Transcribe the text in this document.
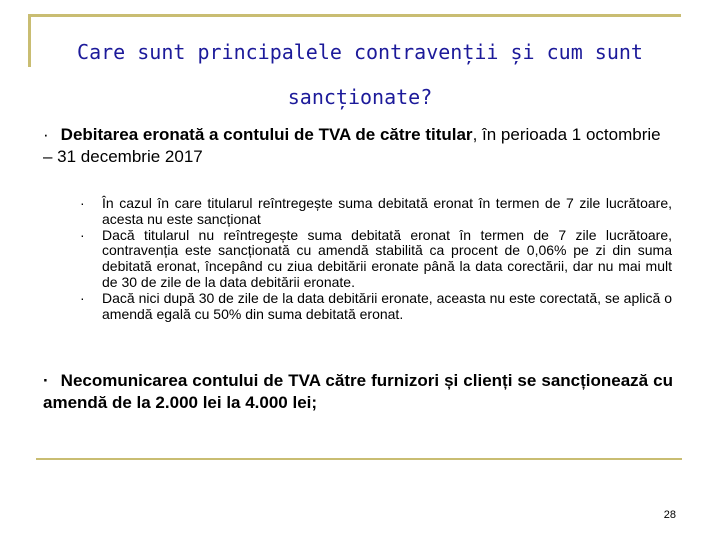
Care sunt principalele contravenții și cum sunt sancționate?
· Debitarea eronată a contului de TVA de către titular, în perioada 1 octombrie – 31 decembrie 2017
· În cazul în care titularul reîntregește suma debitată eronat în termen de 7 zile lucrătoare, acesta nu este sancționat
· Dacă titularul nu reîntregește suma debitată eronat în termen de 7 zile lucrătoare, contravenția este sancționată cu amendă stabilită ca procent de 0,06% pe zi din suma debitată eronat, începând cu ziua debitării eronate până la data corectării, dar nu mai mult de 30 de zile de la data debitării eronate.
· Dacă nici după 30 de zile de la data debitării eronate, aceasta nu este corectată, se aplică o amendă egală cu 50% din suma debitată eronat.
· Necomunicarea contului de TVA către furnizori și clienți se sancționează cu amendă de la 2.000 lei la 4.000 lei;
28
